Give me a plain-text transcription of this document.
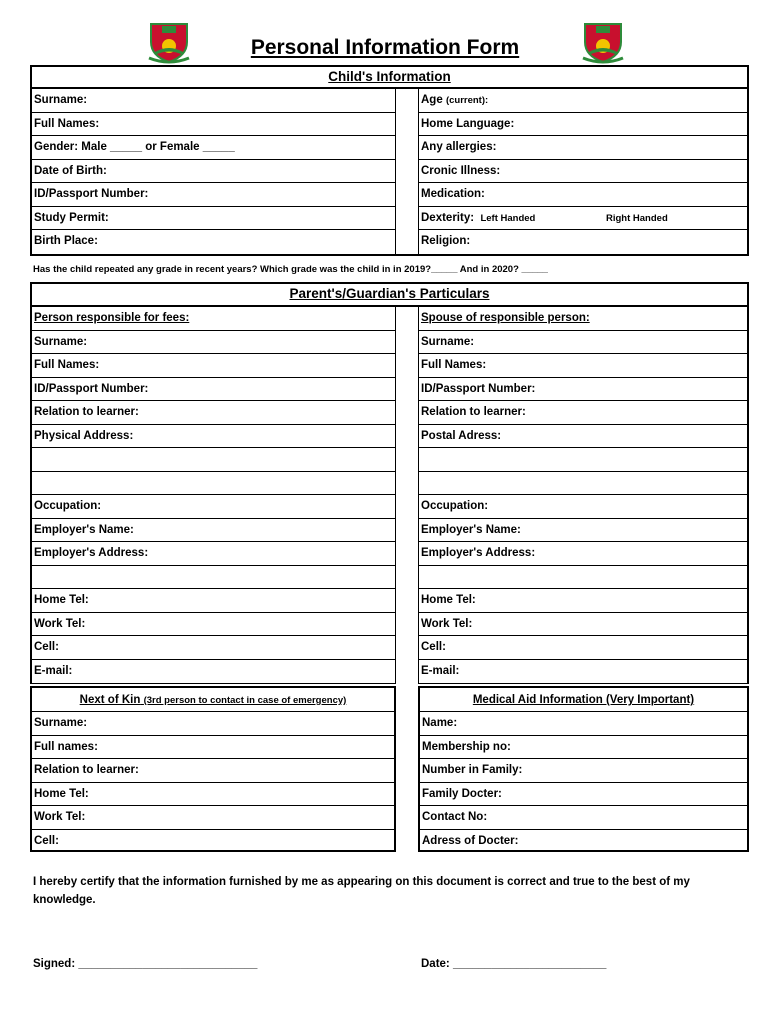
Personal Information Form
Child's Information
Surname:
Full Names:
Gender: Male _____ or Female _____
Date of Birth:
ID/Passport Number:
Study Permit:
Birth Place:
Age (current):
Home Language:
Any allergies:
Cronic Illness:
Medication:
Dexterity: Left Handed	Right Handed
Religion:
Has the child repeated any grade in recent years? Which grade was the child in in 2019?_____ And in 2020? _____
Parent's/Guardian's Particulars
Person responsible for fees:
Surname:
Full Names:
ID/Passport Number:
Relation to learner:
Physical Address:
Occupation:
Employer's Name:
Employer's Address:
Home Tel:
Work Tel:
Cell:
E-mail:
Spouse of responsible person:
Surname:
Full Names:
ID/Passport Number:
Relation to learner:
Postal Adress:
Occupation:
Employer's Name:
Employer's Address:
Home Tel:
Work Tel:
Cell:
E-mail:
Next of Kin (3rd person to contact in case of emergency)
Surname:
Full names:
Relation to learner:
Home Tel:
Work Tel:
Cell:
Medical Aid Information (Very Important)
Name:
Membership no:
Number in Family:
Family Docter:
Contact No:
Adress of Docter:
I hereby certify that the information furnished by me as appearing on this document is correct and true to the best of my knowledge.
Signed: ____________________________	Date: ________________________
